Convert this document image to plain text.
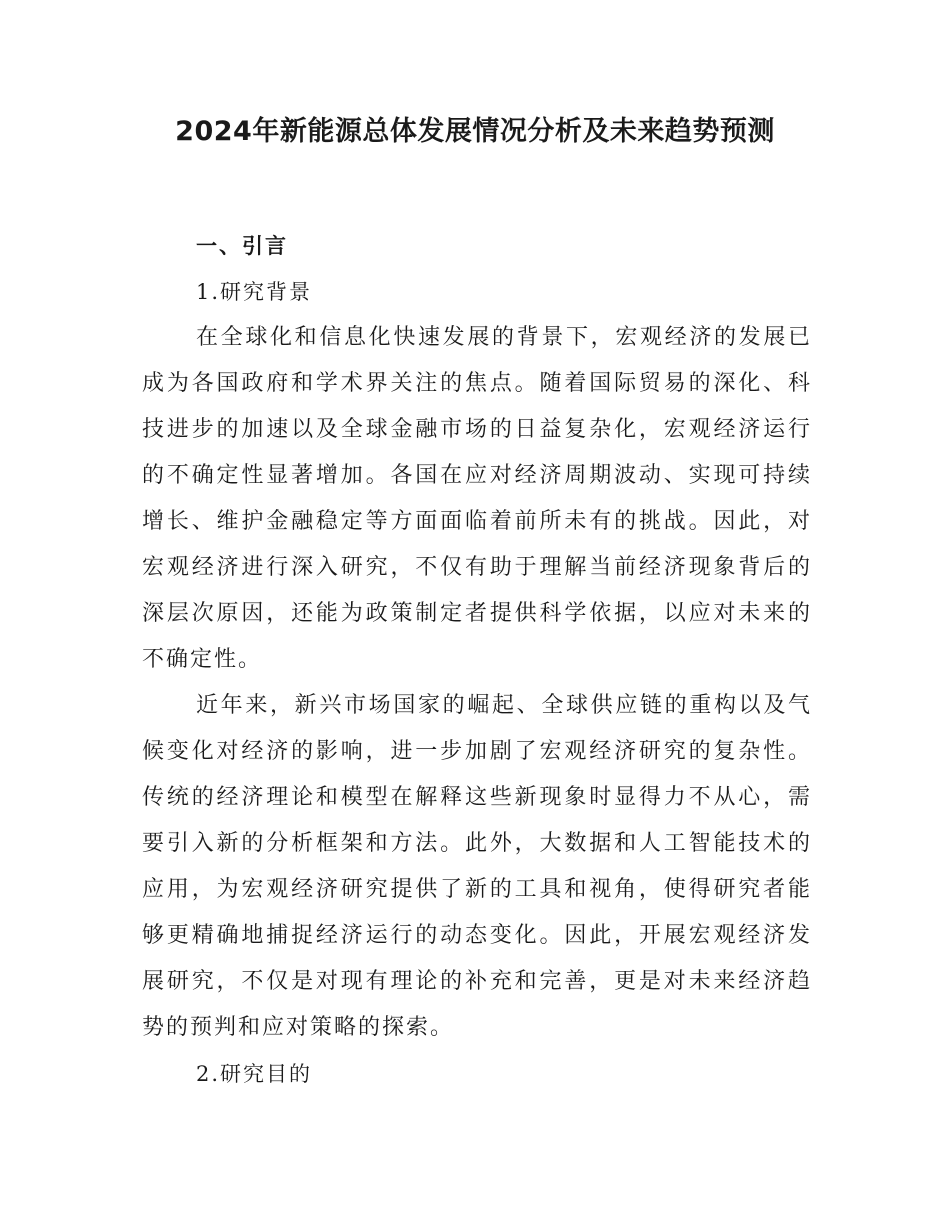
2024年新能源总体发展情况分析及未来趋势预测

一、引言

1.研究背景

在全球化和信息化快速发展的背景下，宏观经济的发展已成为各国政府和学术界关注的焦点。随着国际贸易的深化、科技进步的加速以及全球金融市场的日益复杂化，宏观经济运行的不确定性显著增加。各国在应对经济周期波动、实现可持续增长、维护金融稳定等方面面临着前所未有的挑战。因此，对宏观经济进行深入研究，不仅有助于理解当前经济现象背后的深层次原因，还能为政策制定者提供科学依据，以应对未来的不确定性。

近年来，新兴市场国家的崛起、全球供应链的重构以及气候变化对经济的影响，进一步加剧了宏观经济研究的复杂性。传统的经济理论和模型在解释这些新现象时显得力不从心，需要引入新的分析框架和方法。此外，大数据和人工智能技术的应用，为宏观经济研究提供了新的工具和视角，使得研究者能够更精确地捕捉经济运行的动态变化。因此，开展宏观经济发展研究，不仅是对现有理论的补充和完善，更是对未来经济趋势的预判和应对策略的探索。

2.研究目的
